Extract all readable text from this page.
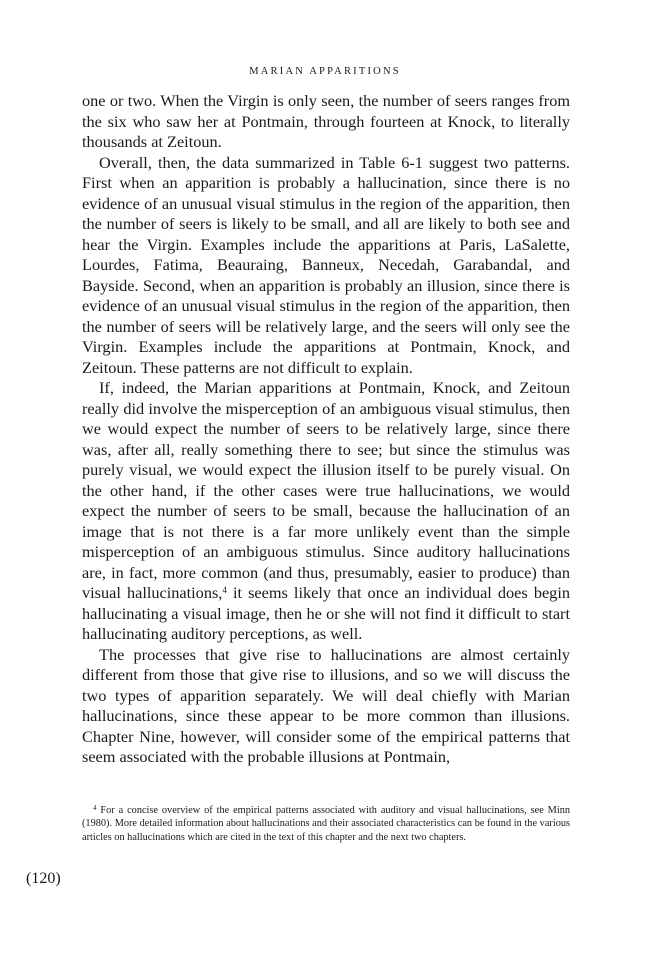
MARIAN APPARITIONS

one or two. When the Virgin is only seen, the number of seers ranges from the six who saw her at Pontmain, through fourteen at Knock, to literally thousands at Zeitoun.

Overall, then, the data summarized in Table 6-1 suggest two patterns. First when an apparition is probably a hallucination, since there is no evidence of an unusual visual stimulus in the region of the apparition, then the number of seers is likely to be small, and all are likely to both see and hear the Virgin. Examples include the apparitions at Paris, LaSalette, Lourdes, Fatima, Beauraing, Banneux, Necedah, Garabandal, and Bayside. Second, when an apparition is probably an illusion, since there is evidence of an unusual visual stimulus in the region of the apparition, then the number of seers will be relatively large, and the seers will only see the Virgin. Examples include the apparitions at Pontmain, Knock, and Zeitoun. These patterns are not difficult to explain.

If, indeed, the Marian apparitions at Pontmain, Knock, and Zeitoun really did involve the misperception of an ambiguous visual stimulus, then we would expect the number of seers to be relatively large, since there was, after all, really something there to see; but since the stimulus was purely visual, we would expect the illusion itself to be purely visual. On the other hand, if the other cases were true hallucinations, we would expect the number of seers to be small, because the hallucination of an image that is not there is a far more unlikely event than the simple misperception of an ambiguous stimulus. Since auditory hallucinations are, in fact, more common (and thus, presumably, easier to produce) than visual hallucinations,$^4$ it seems likely that once an individual does begin hallucinating a visual image, then he or she will not find it difficult to start hallucinating auditory perceptions, as well.

The processes that give rise to hallucinations are almost certainly different from those that give rise to illusions, and so we will discuss the two types of apparition separately. We will deal chiefly with Marian hallucinations, since these appear to be more common than illusions. Chapter Nine, however, will consider some of the empirical patterns that seem associated with the probable illusions at Pontmain,

$^4$ For a concise overview of the empirical patterns associated with auditory and visual hallucinations, see Minn (1980). More detailed information about hallucinations and their associated characteristics can be found in the various articles on hallucinations which are cited in the text of this chapter and the next two chapters.

(120)
